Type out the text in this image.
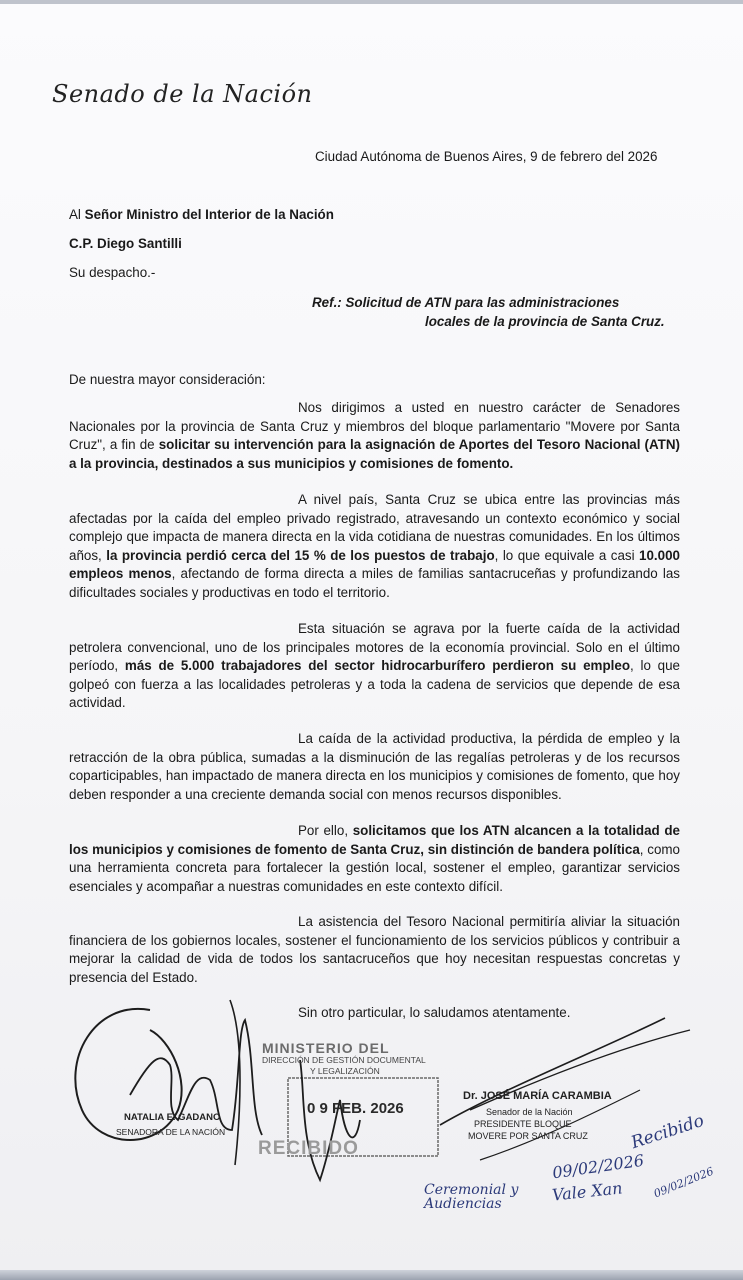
Senado de la Nación
Ciudad Autónoma de Buenos Aires, 9 de febrero del 2026
Al Señor Ministro del Interior de la Nación
C.P. Diego Santilli
Su despacho.-
Ref.: Solicitud de ATN para las administraciones
locales de la provincia de Santa Cruz.
De nuestra mayor consideración:
Nos dirigimos a usted en nuestro carácter de Senadores Nacionales por la provincia de Santa Cruz y miembros del bloque parlamentario "Movere por Santa Cruz", a fin de solicitar su intervención para la asignación de Aportes del Tesoro Nacional (ATN) a la provincia, destinados a sus municipios y comisiones de fomento.
A nivel país, Santa Cruz se ubica entre las provincias más afectadas por la caída del empleo privado registrado, atravesando un contexto económico y social complejo que impacta de manera directa en la vida cotidiana de nuestras comunidades. En los últimos años, la provincia perdió cerca del 15 % de los puestos de trabajo, lo que equivale a casi 10.000 empleos menos, afectando de forma directa a miles de familias santacruceñas y profundizando las dificultades sociales y productivas en todo el territorio.
Esta situación se agrava por la fuerte caída de la actividad petrolera convencional, uno de los principales motores de la economía provincial. Solo en el último período, más de 5.000 trabajadores del sector hidrocarburífero perdieron su empleo, lo que golpeó con fuerza a las localidades petroleras y a toda la cadena de servicios que depende de esa actividad.
La caída de la actividad productiva, la pérdida de empleo y la retracción de la obra pública, sumadas a la disminución de las regalías petroleras y de los recursos coparticipables, han impactado de manera directa en los municipios y comisiones de fomento, que hoy deben responder a una creciente demanda social con menos recursos disponibles.
Por ello, solicitamos que los ATN alcancen a la totalidad de los municipios y comisiones de fomento de Santa Cruz, sin distinción de bandera política, como una herramienta concreta para fortalecer la gestión local, sostener el empleo, garantizar servicios esenciales y acompañar a nuestras comunidades en este contexto difícil.
La asistencia del Tesoro Nacional permitiría aliviar la situación financiera de los gobiernos locales, sostener el funcionamiento de los servicios públicos y contribuir a mejorar la calidad de vida de todos los santacruceños que hoy necesitan respuestas concretas y presencia del Estado.
Sin otro particular, lo saludamos atentamente.
MINISTERIO DEL
DIRECCIÓN DE GESTIÓN DOCUMENTAL
Y LEGALIZACIÓN
0 9 FEB. 2026
RECIBIDO
NATALIA E. GADANO
SENADORA DE LA NACIÓN
Dr. JOSÉ MARÍA CARAMBIA
Senador de la Nación
PRESIDENTE BLOQUE
MOVERE POR SANTA CRUZ Recibido
09/02/2026
Ceremonial y Audiencias	Vale Xan	09/02/2026
